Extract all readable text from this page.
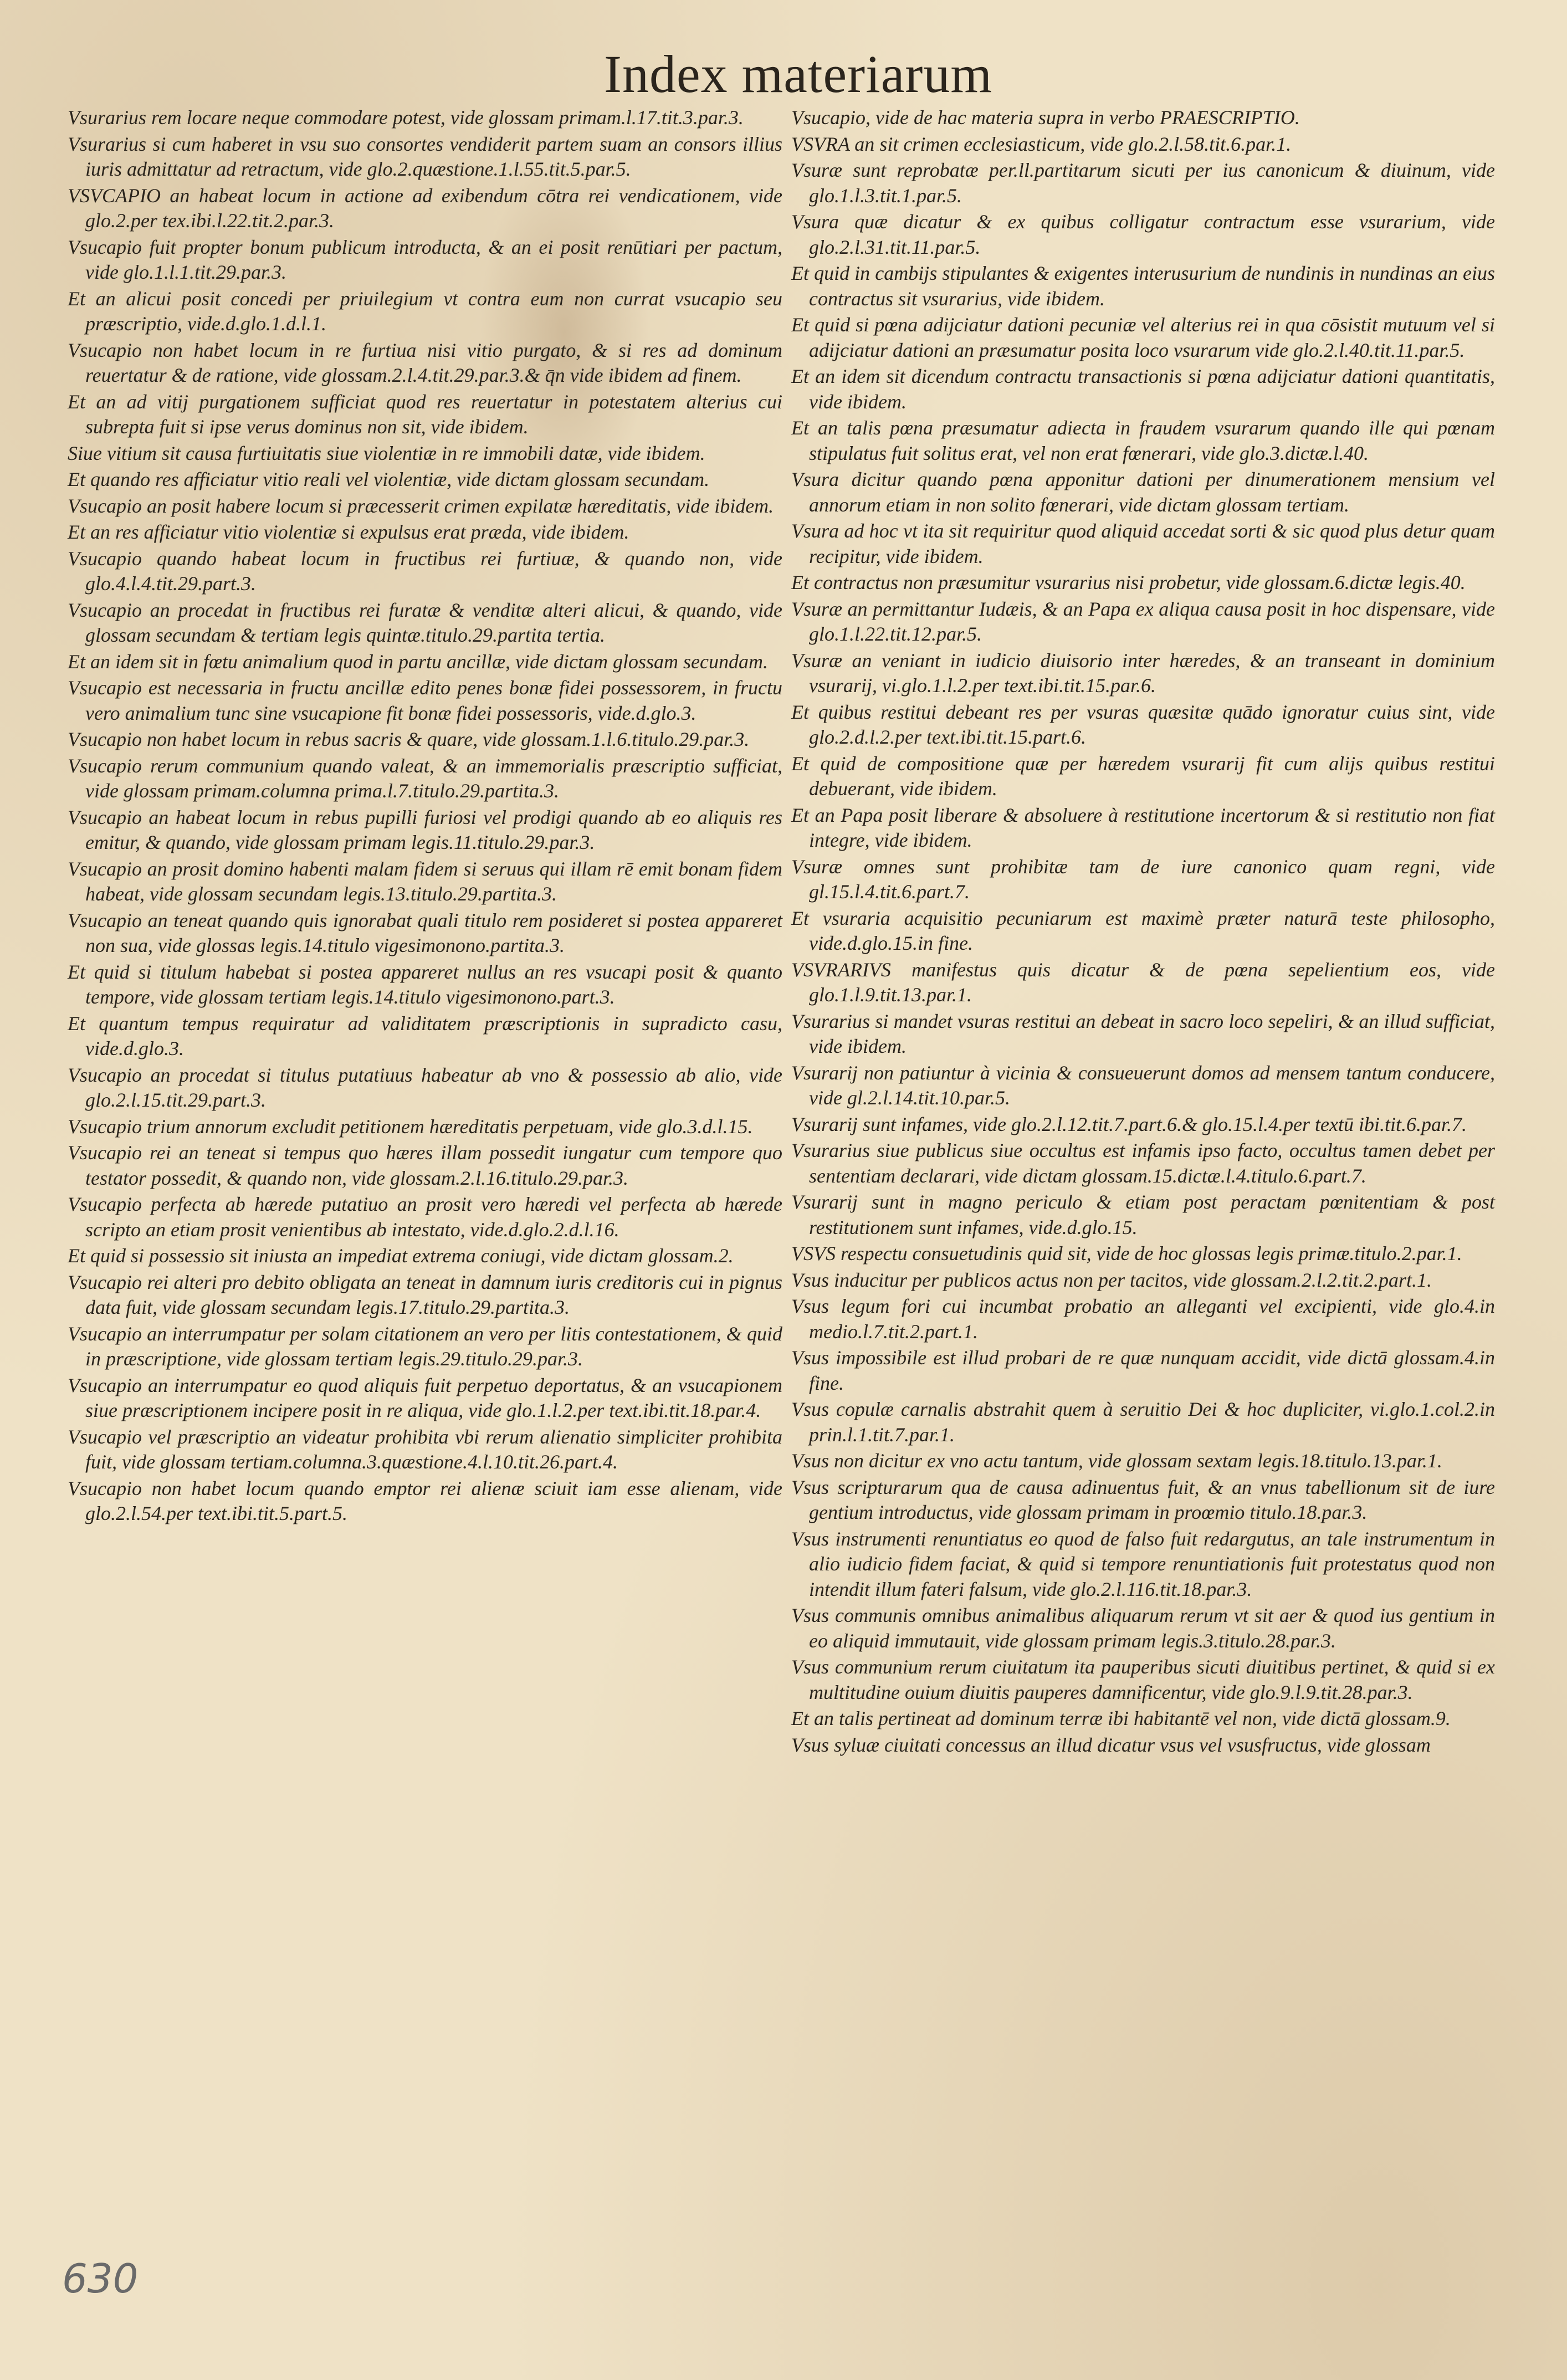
Index materiarum

Vsurarius rem locare neque commodare potest, vide glossam primam.l.17.tit.3.par.3.

Vsurarius si cum haberet in vsu suo consortes vendiderit partem suam an consors illius iuris admittatur ad retractum, vide glo.2.quæstione.1.l.55.tit.5.par.5.

VSVCAPIO an habeat locum in actione ad exibendum cōtra rei vendicationem, vide glo.2.per tex.ibi.l.22.tit.2.par.3.

Vsucapio fuit propter bonum publicum introducta, & an ei posit renūtiari per pactum, vide glo.1.l.1.tit.29.par.3.

Et an alicui posit concedi per priuilegium vt contra eum non currat vsucapio seu præscriptio, vide.d.glo.1.d.l.1.

Vsucapio non habet locum in re furtiua nisi vitio purgato, & si res ad dominum reuertatur & de ratione, vide glossam.2.l.4.tit.29.par.3.& q̄n vide ibidem ad finem.

Et an ad vitij purgationem sufficiat quod res reuertatur in potestatem alterius cui subrepta fuit si ipse verus dominus non sit, vide ibidem.

Siue vitium sit causa furtiuitatis siue violentiæ in re immobili datæ, vide ibidem.

Et quando res afficiatur vitio reali vel violentiæ, vide dictam glossam secundam.

Vsucapio an posit habere locum si præcesserit crimen expilatæ hæreditatis, vide ibidem.

Et an res afficiatur vitio violentiæ si expulsus erat præda, vide ibidem.

Vsucapio quando habeat locum in fructibus rei furtiuæ, & quando non, vide glo.4.l.4.tit.29.part.3.

Vsucapio an procedat in fructibus rei furatæ & venditæ alteri alicui, & quando, vide glossam secundam & tertiam legis quintæ.titulo.29.partita tertia.

Et an idem sit in fœtu animalium quod in partu ancillæ, vide dictam glossam secundam.

Vsucapio est necessaria in fructu ancillæ edito penes bonæ fidei possessorem, in fructu vero animalium tunc sine vsucapione fit bonæ fidei possessoris, vide.d.glo.3.

Vsucapio non habet locum in rebus sacris & quare, vide glossam.1.l.6.titulo.29.par.3.

Vsucapio rerum communium quando valeat, & an immemorialis præscriptio sufficiat, vide glossam primam.columna prima.l.7.titulo.29.partita.3.

Vsucapio an habeat locum in rebus pupilli furiosi vel prodigi quando ab eo aliquis res emitur, & quando, vide glossam primam legis.11.titulo.29.par.3.

Vsucapio an prosit domino habenti malam fidem si seruus qui illam rē emit bonam fidem habeat, vide glossam secundam legis.13.titulo.29.partita.3.

Vsucapio an teneat quando quis ignorabat quali titulo rem posideret si postea appareret non sua, vide glossas legis.14.titulo vigesimonono.partita.3.

Et quid si titulum habebat si postea appareret nullus an res vsucapi posit & quanto tempore, vide glossam tertiam legis.14.titulo vigesimonono.part.3.

Et quantum tempus requiratur ad validitatem præscriptionis in supradicto casu, vide.d.glo.3.

Vsucapio an procedat si titulus putatiuus habeatur ab vno & possessio ab alio, vide glo.2.l.15.tit.29.part.3.

Vsucapio trium annorum excludit petitionem hæreditatis perpetuam, vide glo.3.d.l.15.

Vsucapio rei an teneat si tempus quo hæres illam possedit iungatur cum tempore quo testator possedit, & quando non, vide glossam.2.l.16.titulo.29.par.3.

Vsucapio perfecta ab hærede putatiuo an prosit vero hæredi vel perfecta ab hærede scripto an etiam prosit venientibus ab intestato, vide.d.glo.2.d.l.16.

Et quid si possessio sit iniusta an impediat extrema coniugi, vide dictam glossam.2.

Vsucapio rei alteri pro debito obligata an teneat in damnum iuris creditoris cui in pignus data fuit, vide glossam secundam legis.17.titulo.29.partita.3.

Vsucapio an interrumpatur per solam citationem an vero per litis contestationem, & quid in præscriptione, vide glossam tertiam legis.29.titulo.29.par.3.

Vsucapio an interrumpatur eo quod aliquis fuit perpetuo deportatus, & an vsucapionem siue præscriptionem incipere posit in re aliqua, vide glo.1.l.2.per text.ibi.tit.18.par.4.

Vsucapio vel præscriptio an videatur prohibita vbi rerum alienatio simpliciter prohibita fuit, vide glossam tertiam.columna.3.quæstione.4.l.10.tit.26.part.4.

Vsucapio non habet locum quando emptor rei alienæ sciuit iam esse alienam, vide glo.2.l.54.per text.ibi.tit.5.part.5.

Vsucapio, vide de hac materia supra in verbo PRAESCRIPTIO.

VSVRA an sit crimen ecclesiasticum, vide glo.2.l.58.tit.6.par.1.

Vsuræ sunt reprobatæ per.ll.partitarum sicuti per ius canonicum & diuinum, vide glo.1.l.3.tit.1.par.5.

Vsura quæ dicatur & ex quibus colligatur contractum esse vsurarium, vide glo.2.l.31.tit.11.par.5.

Et quid in cambijs stipulantes & exigentes interusurium de nundinis in nundinas an eius contractus sit vsurarius, vide ibidem.

Et quid si pœna adijciatur dationi pecuniæ vel alterius rei in qua cōsistit mutuum vel si adijciatur dationi an præsumatur posita loco vsurarum vide glo.2.l.40.tit.11.par.5.

Et an idem sit dicendum contractu transactionis si pœna adijciatur dationi quantitatis, vide ibidem.

Et an talis pœna præsumatur adiecta in fraudem vsurarum quando ille qui pœnam stipulatus fuit solitus erat, vel non erat fœnerari, vide glo.3.dictæ.l.40.

Vsura dicitur quando pœna apponitur dationi per dinumerationem mensium vel annorum etiam in non solito fœnerari, vide dictam glossam tertiam.

Vsura ad hoc vt ita sit requiritur quod aliquid accedat sorti & sic quod plus detur quam recipitur, vide ibidem.

Et contractus non præsumitur vsurarius nisi probetur, vide glossam.6.dictæ legis.40.

Vsuræ an permittantur Iudæis, & an Papa ex aliqua causa posit in hoc dispensare, vide glo.1.l.22.tit.12.par.5.

Vsuræ an veniant in iudicio diuisorio inter hæredes, & an transeant in dominium vsurarij, vi.glo.1.l.2.per text.ibi.tit.15.par.6.

Et quibus restitui debeant res per vsuras quæsitæ quādo ignoratur cuius sint, vide glo.2.d.l.2.per text.ibi.tit.15.part.6.

Et quid de compositione quæ per hæredem vsurarij fit cum alijs quibus restitui debuerant, vide ibidem.

Et an Papa posit liberare & absoluere à restitutione incertorum & si restitutio non fiat integre, vide ibidem.

Vsuræ omnes sunt prohibitæ tam de iure canonico quam regni, vide gl.15.l.4.tit.6.part.7.

Et vsuraria acquisitio pecuniarum est maximè præter naturā teste philosopho, vide.d.glo.15.in fine.

VSVRARIVS manifestus quis dicatur & de pœna sepelientium eos, vide glo.1.l.9.tit.13.par.1.

Vsurarius si mandet vsuras restitui an debeat in sacro loco sepeliri, & an illud sufficiat, vide ibidem.

Vsurarij non patiuntur à vicinia & consueuerunt domos ad mensem tantum conducere, vide gl.2.l.14.tit.10.par.5.

Vsurarij sunt infames, vide glo.2.l.12.tit.7.part.6.& glo.15.l.4.per textū ibi.tit.6.par.7.

Vsurarius siue publicus siue occultus est infamis ipso facto, occultus tamen debet per sententiam declarari, vide dictam glossam.15.dictæ.l.4.titulo.6.part.7.

Vsurarij sunt in magno periculo & etiam post peractam pœnitentiam & post restitutionem sunt infames, vide.d.glo.15.

VSVS respectu consuetudinis quid sit, vide de hoc glossas legis primæ.titulo.2.par.1.

Vsus inducitur per publicos actus non per tacitos, vide glossam.2.l.2.tit.2.part.1.

Vsus legum fori cui incumbat probatio an alleganti vel excipienti, vide glo.4.in medio.l.7.tit.2.part.1.

Vsus impossibile est illud probari de re quæ nunquam accidit, vide dictā glossam.4.in fine.

Vsus copulæ carnalis abstrahit quem à seruitio Dei & hoc dupliciter, vi.glo.1.col.2.in prin.l.1.tit.7.par.1.

Vsus non dicitur ex vno actu tantum, vide glossam sextam legis.18.titulo.13.par.1.

Vsus scripturarum qua de causa adinuentus fuit, & an vnus tabellionum sit de iure gentium introductus, vide glossam primam in proœmio titulo.18.par.3.

Vsus instrumenti renuntiatus eo quod de falso fuit redargutus, an tale instrumentum in alio iudicio fidem faciat, & quid si tempore renuntiationis fuit protestatus quod non intendit illum fateri falsum, vide glo.2.l.116.tit.18.par.3.

Vsus communis omnibus animalibus aliquarum rerum vt sit aer & quod ius gentium in eo aliquid immutauit, vide glossam primam legis.3.titulo.28.par.3.

Vsus communium rerum ciuitatum ita pauperibus sicuti diuitibus pertinet, & quid si ex multitudine ouium diuitis pauperes damnificentur, vide glo.9.l.9.tit.28.par.3.

Et an talis pertineat ad dominum terræ ibi habitantē vel non, vide dictā glossam.9.

Vsus syluæ ciuitati concessus an illud dicatur vsus vel vsusfructus, vide glossam

630
